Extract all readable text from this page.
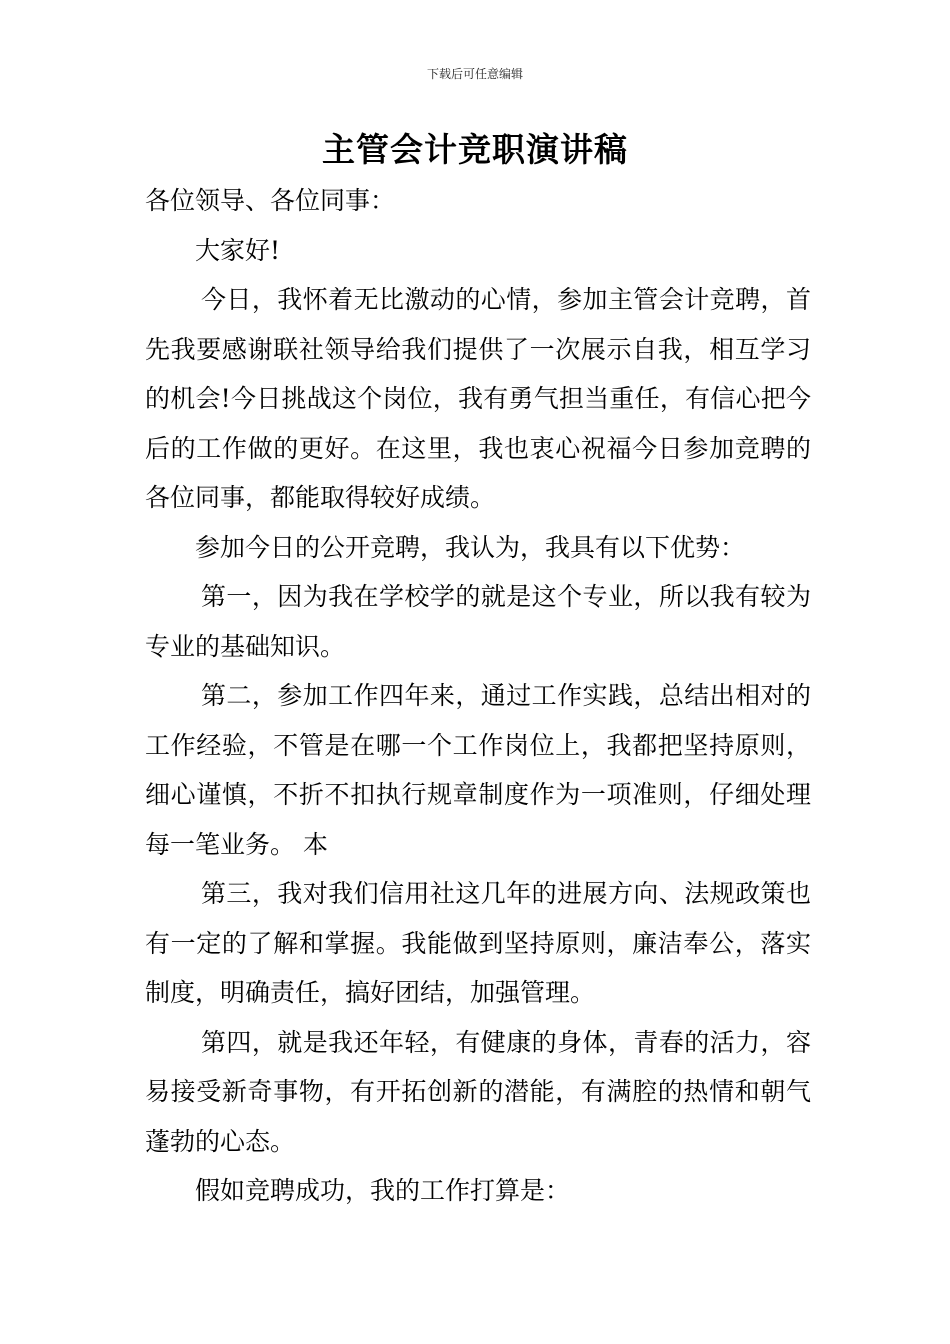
下载后可任意编辑
主管会计竞职演讲稿

各位领导、各位同事：

大家好!

今日，我怀着无比激动的心情，参加主管会计竞聘，首先我要感谢联社领导给我们提供了一次展示自我，相互学习的机会!今日挑战这个岗位，我有勇气担当重任，有信心把今后的工作做的更好。在这里，我也衷心祝福今日参加竞聘的各位同事，都能取得较好成绩。

参加今日的公开竞聘，我认为，我具有以下优势：

第一，因为我在学校学的就是这个专业，所以我有较为专业的基础知识。

第二，参加工作四年来，通过工作实践，总结出相对的工作经验，不管是在哪一个工作岗位上，我都把坚持原则，细心谨慎，不折不扣执行规章制度作为一项准则，仔细处理每一笔业务。 本

第三，我对我们信用社这几年的进展方向、法规政策也有一定的了解和掌握。我能做到坚持原则，廉洁奉公，落实制度，明确责任，搞好团结，加强管理。

第四，就是我还年轻，有健康的身体，青春的活力，容易接受新奇事物，有开拓创新的潜能，有满腔的热情和朝气蓬勃的心态。

假如竞聘成功，我的工作打算是：
